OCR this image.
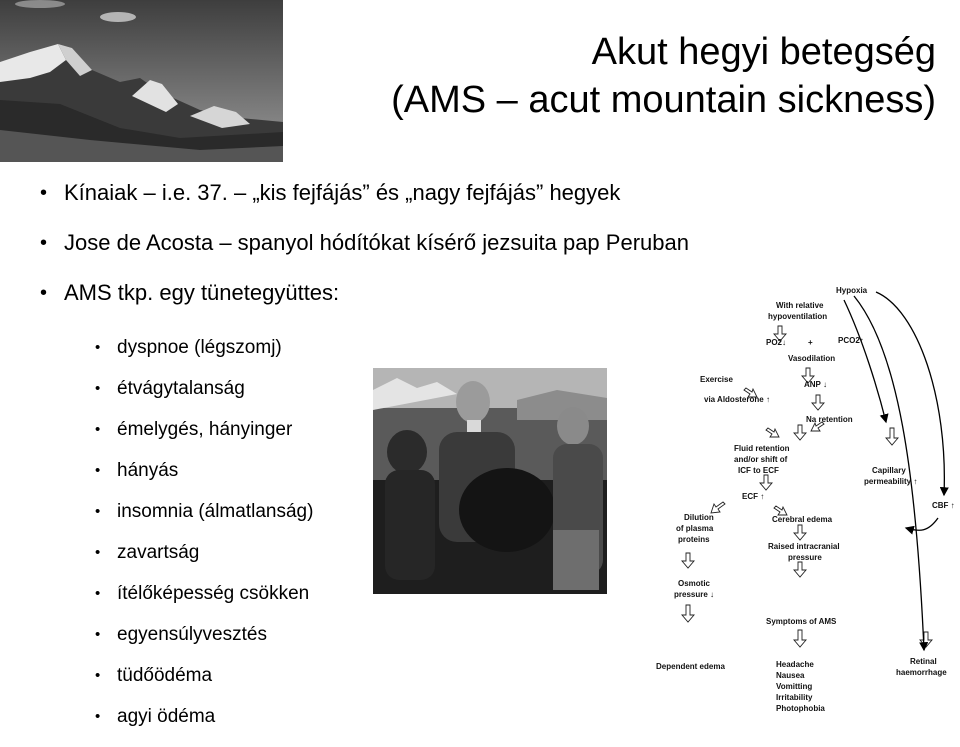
Akut hegyi betegség
(AMS – acut mountain sickness)
• Kínaiak – i.e. 37. – „kis fejfájás” és „nagy fejfájás” hegyek
• Jose de Acosta – spanyol hódítókat kísérő jezsuita pap Peruban
• AMS tkp. egy tünetegyüttes:
• dyspnoe (légszomj)
• étvágytalanság
• émelygés, hányinger
• hányás
• insomnia (álmatlanság)
• zavartság
• ítélőképesség csökken
• egyensúlyvesztés
• tüdőödéma
• agyi ödéma
Hypoxia
With relative
hypoventilation
PO2↓	+	PCO2↑
Vasodilation
Exercise
via Aldosterone ↑
ANP ↓
Na retention
Fluid retention
and/or shift of
ICF to ECF	Capillary
permeability ↑
ECF ↑
CBF ↑
Dilution
of plasma
proteins
Cerebral edema
Raised intracranial
pressure
Osmotic
pressure ↓
Symptoms of AMS
Dependent edema	Headache
Nausea
Vomitting
Irritability
Photophobia
Retinal
haemorrhage
